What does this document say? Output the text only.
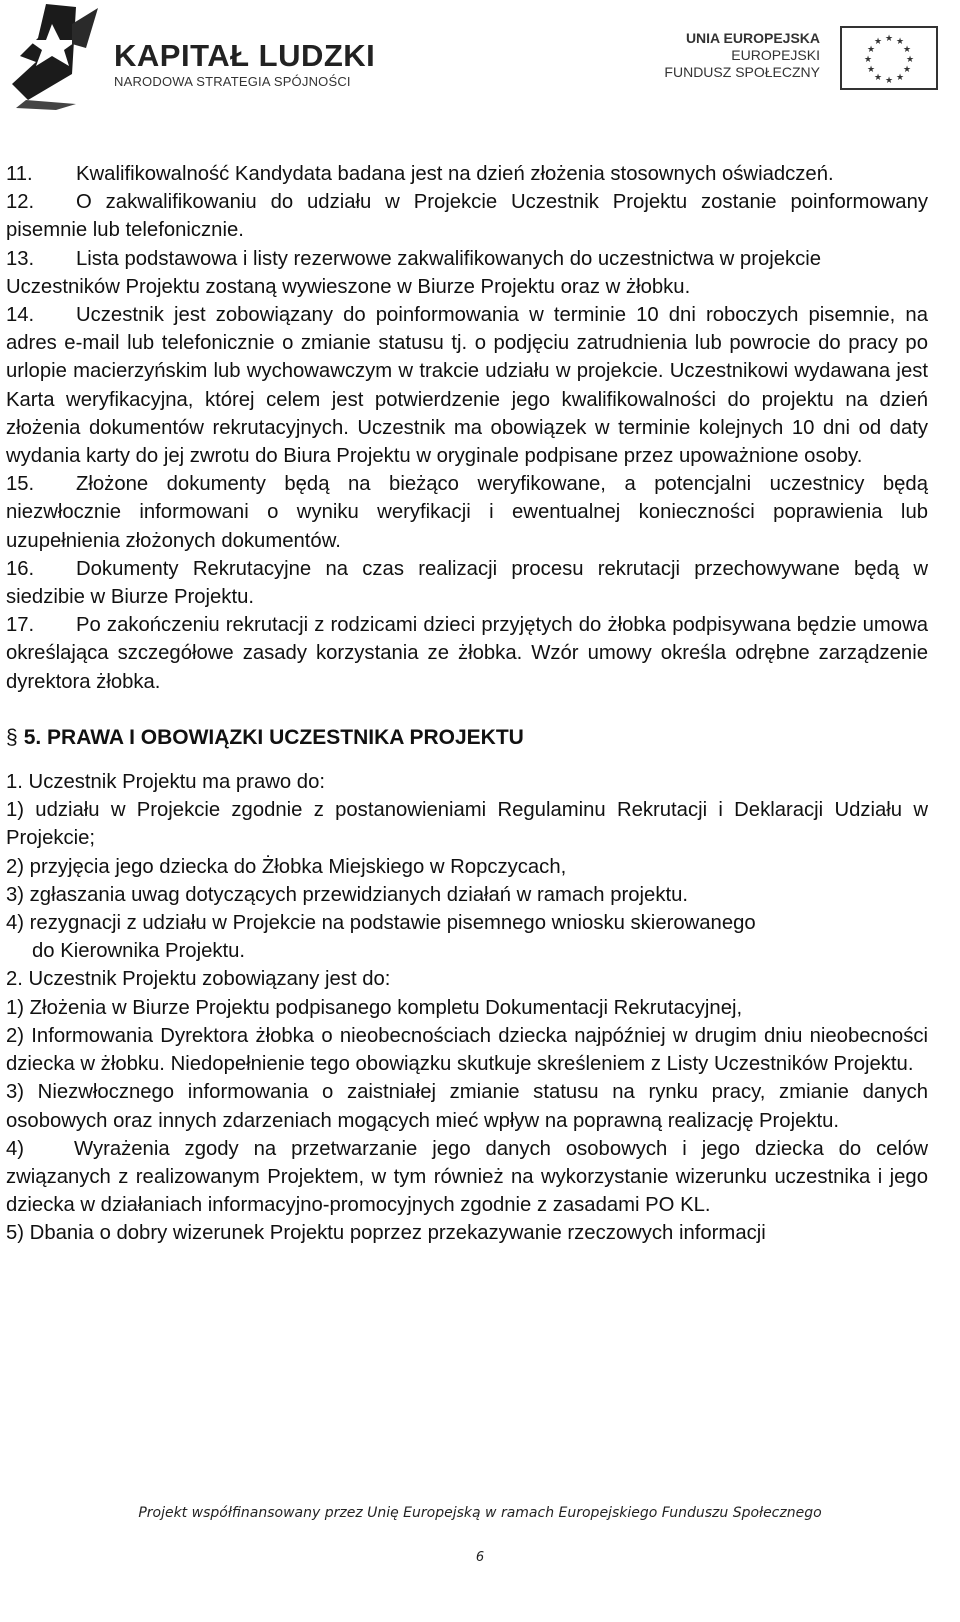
KAPITAŁ LUDZKI
NARODOWA STRATEGIA SPÓJNOŚCI
UNIA EUROPEJSKA
EUROPEJSKI
FUNDUSZ SPOŁECZNY
★ ★
★
★
★
★
★
★
★
★
★
★

11. Kwalifikowalność Kandydata badana jest na dzień złożenia stosownych oświadczeń.

12. O zakwalifikowaniu do udziału w Projekcie Uczestnik Projektu zostanie poinformowany pisemnie lub telefonicznie.

13. Lista podstawowa i listy rezerwowe zakwalifikowanych do uczestnictwa w projekcie

Uczestników Projektu zostaną wywieszone w Biurze Projektu oraz w żłobku.

14. Uczestnik jest zobowiązany do poinformowania w terminie 10 dni roboczych pisemnie, na adres e-mail lub telefonicznie o zmianie statusu tj. o podjęciu zatrudnienia lub powrocie do pracy po urlopie macierzyńskim lub wychowawczym w trakcie udziału w projekcie. Uczestnikowi wydawana jest Karta weryfikacyjna, której celem jest potwierdzenie jego kwalifikowalności do projektu na dzień złożenia dokumentów rekrutacyjnych. Uczestnik ma obowiązek w terminie kolejnych 10 dni od daty wydania karty do jej zwrotu do Biura Projektu w oryginale podpisane przez upoważnione osoby.

15. Złożone dokumenty będą na bieżąco weryfikowane, a potencjalni uczestnicy będą niezwłocznie informowani o wyniku weryfikacji i ewentualnej konieczności poprawienia lub uzupełnienia złożonych dokumentów.

16. Dokumenty Rekrutacyjne na czas realizacji procesu rekrutacji przechowywane będą w siedzibie w Biurze Projektu.

17. Po zakończeniu rekrutacji z rodzicami dzieci przyjętych do żłobka podpisywana będzie umowa określająca szczegółowe zasady korzystania ze żłobka. Wzór umowy określa odrębne zarządzenie dyrektora żłobka.

§ 5. PRAWA I OBOWIĄZKI UCZESTNIKA PROJEKTU

1. Uczestnik Projektu ma prawo do:

1) udziału w Projekcie zgodnie z postanowieniami Regulaminu Rekrutacji i Deklaracji Udziału w Projekcie;

2) przyjęcia jego dziecka do Żłobka Miejskiego w Ropczycach,

3) zgłaszania uwag dotyczących przewidzianych działań w ramach projektu.

4) rezygnacji z udziału w Projekcie na podstawie pisemnego wniosku skierowanego

do Kierownika Projektu.

2. Uczestnik Projektu zobowiązany jest do:

1) Złożenia w Biurze Projektu podpisanego kompletu Dokumentacji Rekrutacyjnej,

2) Informowania Dyrektora żłobka o nieobecnościach dziecka najpóźniej w drugim dniu nieobecności dziecka w żłobku. Niedopełnienie tego obowiązku skutkuje skreśleniem z Listy Uczestników Projektu.

3) Niezwłocznego informowania o zaistniałej zmianie statusu na rynku pracy, zmianie danych osobowych oraz innych zdarzeniach mogących mieć wpływ na poprawną realizację Projektu.

4) Wyrażenia zgody na przetwarzanie jego danych osobowych i jego dziecka do celów związanych z realizowanym Projektem, w tym również na wykorzystanie wizerunku uczestnika i jego dziecka w działaniach informacyjno-promocyjnych zgodnie z zasadami PO KL.

5) Dbania o dobry wizerunek Projektu poprzez przekazywanie rzeczowych informacji

Projekt współfinansowany przez Unię Europejską w ramach Europejskiego Funduszu Społecznego
6
